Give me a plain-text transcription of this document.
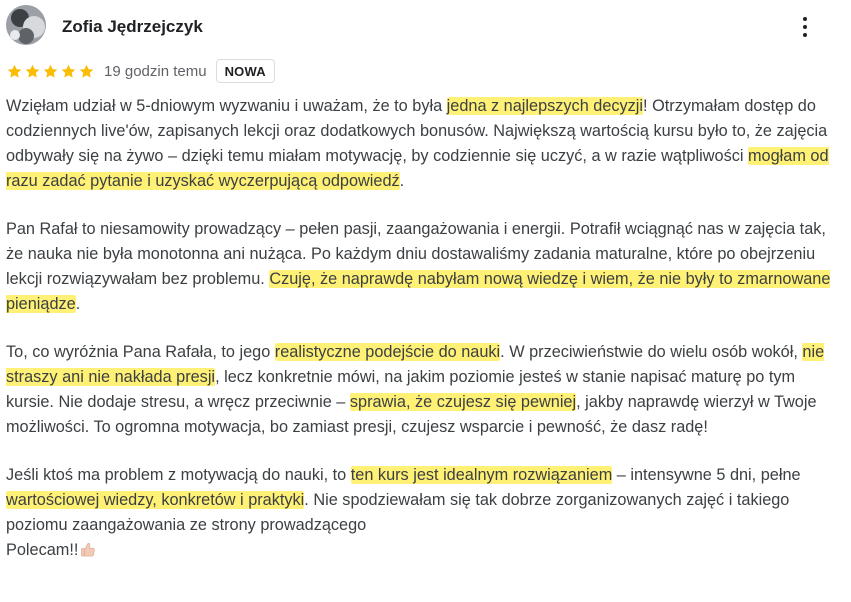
Zofia Jędrzejczyk
19 godzin temu	NOWA

Wzięłam udział w 5-dniowym wyzwaniu i uważam, że to była jedna z najlepszych decyzji! Otrzymałam dostęp do codziennych live'ów, zapisanych lekcji oraz dodatkowych bonusów. Największą wartością kursu było to, że zajęcia odbywały się na żywo – dzięki temu miałam motywację, by codziennie się uczyć, a w razie wątpliwości mogłam od razu zadać pytanie i uzyskać wyczerpującą odpowiedź.

Pan Rafał to niesamowity prowadzący – pełen pasji, zaangażowania i energii. Potrafił wciągnąć nas w zajęcia tak, że nauka nie była monotonna ani nużąca. Po każdym dniu dostawaliśmy zadania maturalne, które po obejrzeniu lekcji rozwiązywałam bez problemu. Czuję, że naprawdę nabyłam nową wiedzę i wiem, że nie były to zmarnowane pieniądze.

To, co wyróżnia Pana Rafała, to jego realistyczne podejście do nauki. W przeciwieństwie do wielu osób wokół, nie straszy ani nie nakłada presji, lecz konkretnie mówi, na jakim poziomie jesteś w stanie napisać maturę po tym kursie. Nie dodaje stresu, a wręcz przeciwnie – sprawia, że czujesz się pewniej, jakby naprawdę wierzył w Twoje możliwości. To ogromna motywacja, bo zamiast presji, czujesz wsparcie i pewność, że dasz radę!

Jeśli ktoś ma problem z motywacją do nauki, to ten kurs jest idealnym rozwiązaniem – intensywne 5 dni, pełne wartościowej wiedzy, konkretów i praktyki. Nie spodziewałam się tak dobrze zorganizowanych zajęć i takiego poziomu zaangażowania ze strony prowadzącego
Polecam!!
